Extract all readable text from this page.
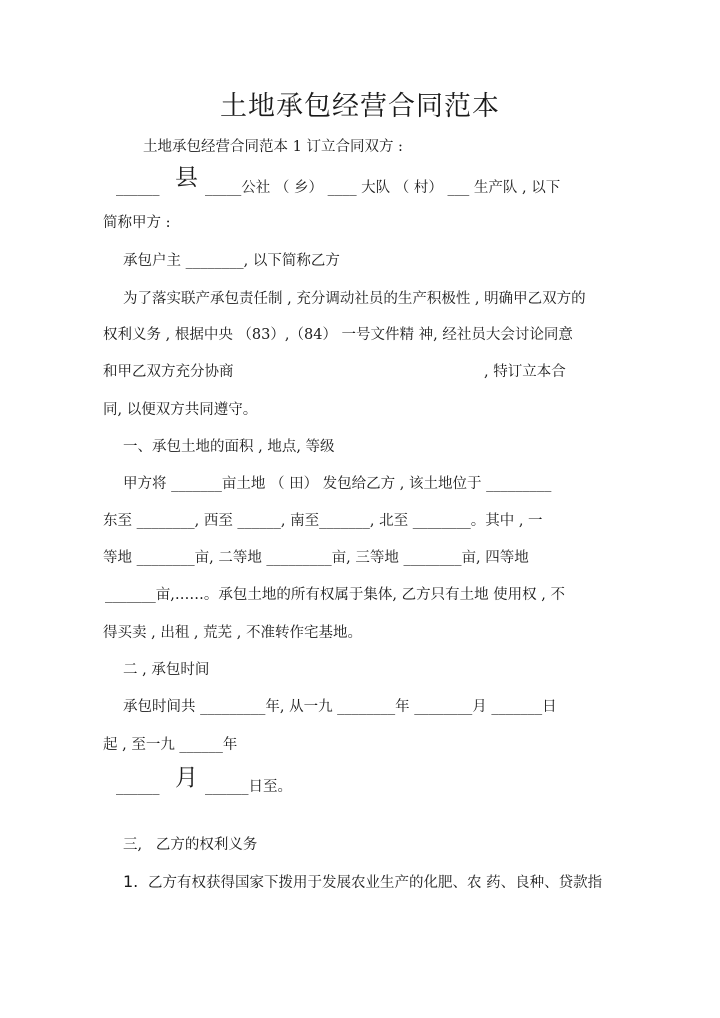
土地承包经营合同范本
土地承包经营合同范本 1 订立合同双方 :
______ 县 _____公社 （ 乡） ____ 大队 （ 村） ___ 生产队 , 以下
简称甲方 :
承包户主 ________, 以下简称乙方
为了落实联产承包责任制 , 充分调动社员的生产积极性 , 明确甲乙双方的
权利义务 , 根据中央 （83）,（84） 一号文件精 神, 经社员大会讨论同意
和甲乙双方充分协商	, 特订立本合
同, 以便双方共同遵守。
一、承包土地的面积 , 地点, 等级
甲方将 _______亩土地 （ 田） 发包给乙方 , 该土地位于 _________
东至 ________, 西至 ______, 南至_______, 北至 ________。其中 , 一
等地 ________亩, 二等地 _________亩, 三等地 ________亩, 四等地
_______亩,……。承包土地的所有权属于集体, 乙方只有土地 使用权 , 不
得买卖 , 出租 , 荒芜 , 不准转作宅基地。
二 , 承包时间
承包时间共 _________年, 从一九 ________年 ________月 _______日
起 , 至一九 ______年
______ 月 ______日至。
三,   乙方的权利义务
1. 乙方有权获得国家下拨用于发展农业生产的化肥、农 药、良种、贷款指
